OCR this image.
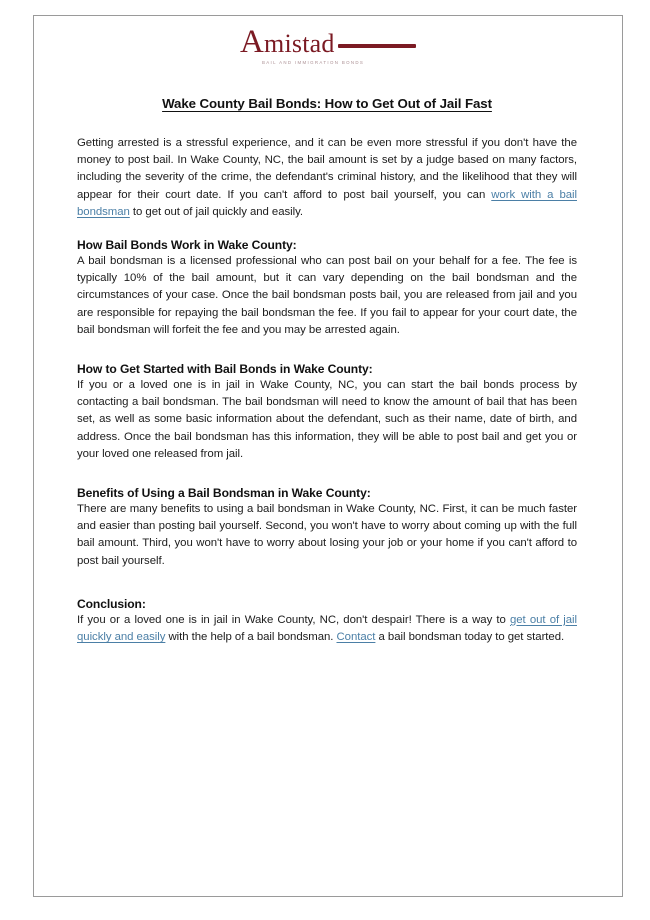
Amistad
BAIL AND IMMIGRATION BONDS
Wake County Bail Bonds: How to Get Out of Jail Fast

Getting arrested is a stressful experience, and it can be even more stressful if you don't have the money to post bail. In Wake County, NC, the bail amount is set by a judge based on many factors, including the severity of the crime, the defendant's criminal history, and the likelihood that they will appear for their court date. If you can't afford to post bail yourself, you can work with a bail bondsman to get out of jail quickly and easily.

How Bail Bonds Work in Wake County:

A bail bondsman is a licensed professional who can post bail on your behalf for a fee. The fee is typically 10% of the bail amount, but it can vary depending on the bail bondsman and the circumstances of your case. Once the bail bondsman posts bail, you are released from jail and you are responsible for repaying the bail bondsman the fee. If you fail to appear for your court date, the bail bondsman will forfeit the fee and you may be arrested again.

How to Get Started with Bail Bonds in Wake County:

If you or a loved one is in jail in Wake County, NC, you can start the bail bonds process by contacting a bail bondsman. The bail bondsman will need to know the amount of bail that has been set, as well as some basic information about the defendant, such as their name, date of birth, and address. Once the bail bondsman has this information, they will be able to post bail and get you or your loved one released from jail.

Benefits of Using a Bail Bondsman in Wake County:

There are many benefits to using a bail bondsman in Wake County, NC. First, it can be much faster and easier than posting bail yourself. Second, you won't have to worry about coming up with the full bail amount. Third, you won't have to worry about losing your job or your home if you can't afford to post bail yourself.

Conclusion:

If you or a loved one is in jail in Wake County, NC, don't despair! There is a way to get out of jail quickly and easily with the help of a bail bondsman. Contact a bail bondsman today to get started.
